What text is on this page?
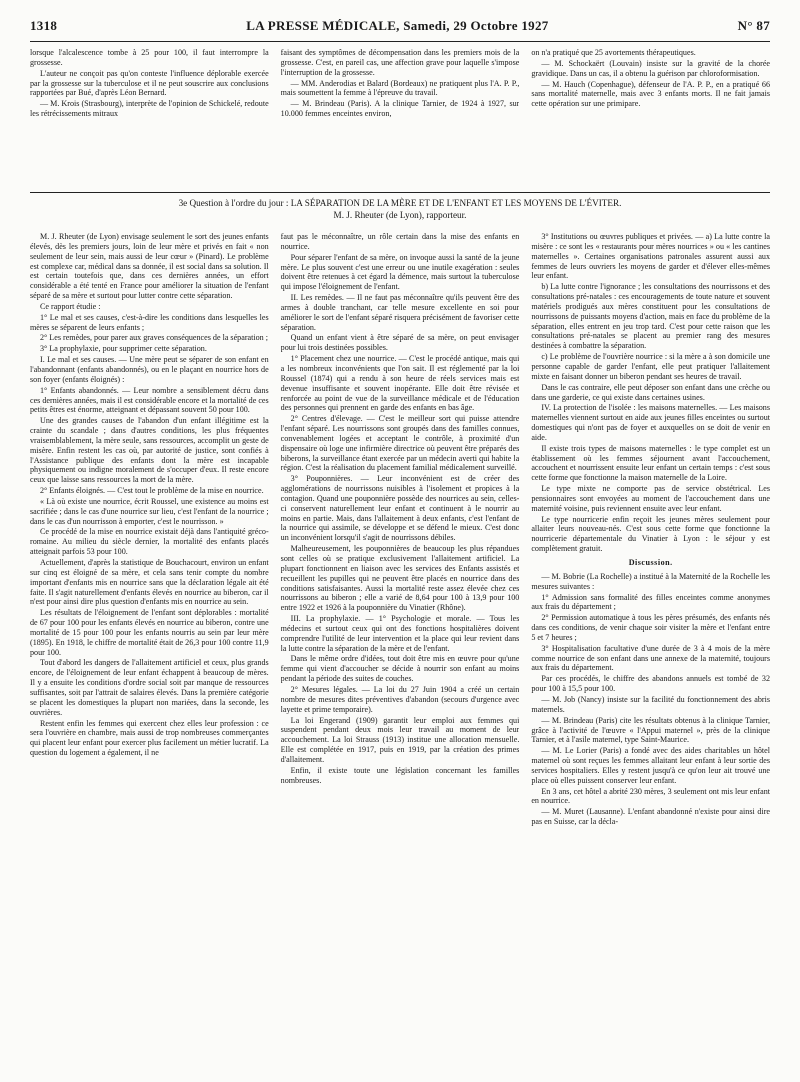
1318	LA PRESSE MÉDICALE, Samedi, 29 Octobre 1927	N° 87

lorsque l'alcalescence tombe à 25 pour 100, il faut interrompre la grossesse.

L'auteur ne conçoit pas qu'on conteste l'influence déplorable exercée par la grossesse sur la tuberculose et il ne peut souscrire aux conclusions rapportées par Bué, d'après Léon Bernard.

— M. Krois (Strasbourg), interprète de l'opinion de Schickelé, redoute les rétrécissements mitraux

faisant des symptômes de décompensation dans les premiers mois de la grossesse. C'est, en pareil cas, une affection grave pour laquelle s'impose l'interruption de la grossesse.

— MM. Anderodias et Balard (Bordeaux) ne pratiquent plus l'A. P. P., mais soumettent la femme à l'épreuve du travail.

— M. Brindeau (Paris). A la clinique Tarnier, de 1924 à 1927, sur 10.000 femmes enceintes environ,

on n'a pratiqué que 25 avortements thérapeutiques.

— M. Schockaërt (Louvain) insiste sur la gravité de la chorée gravidique. Dans un cas, il a obtenu la guérison par chloroformisation.

— M. Hauch (Copenhague), défenseur de l'A. P. P., en a pratiqué 66 sans mortalité maternelle, mais avec 3 enfants morts. Il ne fait jamais cette opération sur une primipare.

3e Question à l'ordre du jour : LA SÉPARATION DE LA MÈRE ET DE L'ENFANT ET LES MOYENS DE L'ÉVITER.
M. J. Rheuter (de Lyon), rapporteur.

M. J. Rheuter (de Lyon) envisage seulement le sort des jeunes enfants élevés, dès les premiers jours, loin de leur mère et privés en fait « non seulement de leur sein, mais aussi de leur cœur » (Pinard). Le problème est complexe car, médical dans sa donnée, il est social dans sa solution. Il est certain toutefois que, dans ces dernières années, un effort considérable a été tenté en France pour améliorer la situation de l'enfant séparé de sa mère et surtout pour lutter contre cette séparation.

Ce rapport étudie :

1° Le mal et ses causes, c'est-à-dire les conditions dans lesquelles les mères se séparent de leurs enfants ;

2° Les remèdes, pour parer aux graves conséquences de la séparation ;

3° La prophylaxie, pour supprimer cette séparation.

I. Le mal et ses causes. — Une mère peut se séparer de son enfant en l'abandonnant (enfants abandonnés), ou en le plaçant en nourrice hors de son foyer (enfants éloignés) :

1° Enfants abandonnés. — Leur nombre a sensiblement décru dans ces dernières années, mais il est considérable encore et la mortalité de ces petits êtres est énorme, atteignant et dépassant souvent 50 pour 100.

Une des grandes causes de l'abandon d'un enfant illégitime est la crainte du scandale ; dans d'autres conditions, les plus fréquentes vraisemblablement, la mère seule, sans ressources, accomplit un geste de misère. Enfin restent les cas où, par autorité de justice, sont confiés à l'Assistance publique des enfants dont la mère est incapable physiquement ou indigne moralement de s'occuper d'eux. Il reste encore ceux que laisse sans ressources la mort de la mère.

2° Enfants éloignés. — C'est tout le problème de la mise en nourrice.

« Là où existe une nourrice, écrit Roussel, une existence au moins est sacrifiée ; dans le cas d'une nourrice sur lieu, c'est l'enfant de la nourrice ; dans le cas d'un nourrisson à emporter, c'est le nourrisson. »

Ce procédé de la mise en nourrice existait déjà dans l'antiquité gréco-romaine. Au milieu du siècle dernier, la mortalité des enfants placés atteignait parfois 53 pour 100.

Actuellement, d'après la statistique de Bouchacourt, environ un enfant sur cinq est éloigné de sa mère, et cela sans tenir compte du nombre important d'enfants mis en nourrice sans que la déclaration légale ait été faite. Il s'agit naturellement d'enfants élevés en nourrice au biberon, car il n'est pour ainsi dire plus question d'enfants mis en nourrice au sein.

Les résultats de l'éloignement de l'enfant sont déplorables : mortalité de 67 pour 100 pour les enfants élevés en nourrice au biberon, contre une mortalité de 15 pour 100 pour les enfants nourris au sein par leur mère (1895). En 1918, le chiffre de mortalité était de 26,3 pour 100 contre 11,9 pour 100.

Tout d'abord les dangers de l'allaitement artificiel et ceux, plus grands encore, de l'éloignement de leur enfant échappent à beaucoup de mères. Il y a ensuite les conditions d'ordre social soit par manque de ressources suffisantes, soit par l'attrait de salaires élevés. Dans la première catégorie se placent les domestiques la plupart non mariées, dans la seconde, les ouvrières.

Restent enfin les femmes qui exercent chez elles leur profession : ce sera l'ouvrière en chambre, mais aussi de trop nombreuses commerçantes qui placent leur enfant pour exercer plus facilement un métier lucratif. La question du logement a également, il ne

faut pas le méconnaître, un rôle certain dans la mise des enfants en nourrice.

Pour séparer l'enfant de sa mère, on invoque aussi la santé de la jeune mère. Le plus souvent c'est une erreur ou une inutile exagération : seules doivent être retenues à cet égard la démence, mais surtout la tuberculose qui impose l'éloignement de l'enfant.

II. Les remèdes. — Il ne faut pas méconnaître qu'ils peuvent être des armes à double tranchant, car telle mesure excellente en soi pour améliorer le sort de l'enfant séparé risquera précisément de favoriser cette séparation.

Quand un enfant vient à être séparé de sa mère, on peut envisager pour lui trois destinées possibles.

1° Placement chez une nourrice. — C'est le procédé antique, mais qui a les nombreux inconvénients que l'on sait. Il est réglementé par la loi Roussel (1874) qui a rendu à son heure de réels services mais est devenue insuffisante et souvent inopérante. Elle doit être révisée et renforcée au point de vue de la surveillance médicale et de l'éducation des personnes qui prennent en garde des enfants en bas âge.

2° Centres d'élevage. — C'est le meilleur sort qui puisse attendre l'enfant séparé. Les nourrissons sont groupés dans des familles connues, convenablement logées et acceptant le contrôle, à proximité d'un dispensaire où loge une infirmière directrice où peuvent être préparés des biberons, la surveillance étant exercée par un médecin averti qui habite la région. C'est la réalisation du placement familial médicalement surveillé.

3° Pouponnières. — Leur inconvénient est de créer des agglomérations de nourrissons nuisibles à l'isolement et propices à la contagion. Quand une pouponnière possède des nourrices au sein, celles-ci conservent naturellement leur enfant et continuent à le nourrir au moins en partie. Mais, dans l'allaitement à deux enfants, c'est l'enfant de la nourrice qui assimile, se développe et se défend le mieux. C'est donc un inconvénient lorsqu'il s'agit de nourrissons débiles.

Malheureusement, les pouponnières de beaucoup les plus répandues sont celles où se pratique exclusivement l'allaitement artificiel. La plupart fonctionnent en liaison avec les services des Enfants assistés et recueillent les pupilles qui ne peuvent être placés en nourrice dans des conditions satisfaisantes. Aussi la mortalité reste assez élevée chez ces nourrissons au biberon ; elle a varié de 8,64 pour 100 à 13,9 pour 100 entre 1922 et 1926 à la pouponnière du Vinatier (Rhône).

III. La prophylaxie. — 1° Psychologie et morale. — Tous les médecins et surtout ceux qui ont des fonctions hospitalières doivent comprendre l'utilité de leur intervention et la place qui leur revient dans la lutte contre la séparation de la mère et de l'enfant.

Dans le même ordre d'idées, tout doit être mis en œuvre pour qu'une femme qui vient d'accoucher se décide à nourrir son enfant au moins pendant la période des suites de couches.

2° Mesures légales. — La loi du 27 Juin 1904 a créé un certain nombre de mesures dites préventives d'abandon (secours d'urgence avec layette et prime temporaire).

La loi Engerand (1909) garantit leur emploi aux femmes qui suspendent pendant deux mois leur travail au moment de leur accouchement. La loi Strauss (1913) institue une allocation mensuelle. Elle est complétée en 1917, puis en 1919, par la création des primes d'allaitement.

Enfin, il existe toute une législation concernant les familles nombreuses.

3° Institutions ou œuvres publiques et privées. — a) La lutte contre la misère : ce sont les « restaurants pour mères nourrices » ou « les cantines maternelles ». Certaines organisations patronales assurent aussi aux femmes de leurs ouvriers les moyens de garder et d'élever elles-mêmes leur enfant.

b) La lutte contre l'ignorance ; les consultations des nourrissons et des consultations pré-natales : ces encouragements de toute nature et souvent matériels prodigués aux mères constituent pour les consultations de nourrissons de puissants moyens d'action, mais en face du problème de la séparation, elles entrent en jeu trop tard. C'est pour cette raison que les consultations pré-natales se placent au premier rang des mesures destinées à combattre la séparation.

c) Le problème de l'ouvrière nourrice : si la mère a à son domicile une personne capable de garder l'enfant, elle peut pratiquer l'allaitement mixte en faisant donner un biberon pendant ses heures de travail.

Dans le cas contraire, elle peut déposer son enfant dans une crèche ou dans une garderie, ce qui existe dans certaines usines.

IV. La protection de l'isolée : les maisons maternelles. — Les maisons maternelles viennent surtout en aide aux jeunes filles enceintes ou surtout domestiques qui n'ont pas de foyer et auxquelles on se doit de venir en aide.

Il existe trois types de maisons maternelles : le type complet est un établissement où les femmes séjournent avant l'accouchement, accouchent et nourrissent ensuite leur enfant un certain temps : c'est sous cette forme que fonctionne la maison maternelle de la Loire.

Le type mixte ne comporte pas de service obstétrical. Les pensionnaires sont envoyées au moment de l'accouchement dans une maternité voisine, puis reviennent ensuite avec leur enfant.

Le type nourricerie enfin reçoit les jeunes mères seulement pour allaiter leurs nouveau-nés. C'est sous cette forme que fonctionne la nourricerie départementale du Vinatier à Lyon : le séjour y est complètement gratuit.

Discussion.

— M. Bobrie (La Rochelle) a institué à la Maternité de la Rochelle les mesures suivantes :

1° Admission sans formalité des filles enceintes comme anonymes aux frais du département ;

2° Permission automatique à tous les pères présumés, des enfants nés dans ces conditions, de venir chaque soir visiter la mère et l'enfant entre 5 et 7 heures ;

3° Hospitalisation facultative d'une durée de 3 à 4 mois de la mère comme nourrice de son enfant dans une annexe de la maternité, toujours aux frais du département.

Par ces procédés, le chiffre des abandons annuels est tombé de 32 pour 100 à 15,5 pour 100.

— M. Job (Nancy) insiste sur la facilité du fonctionnement des abris maternels.

— M. Brindeau (Paris) cite les résultats obtenus à la clinique Tarnier, grâce à l'activité de l'œuvre « l'Appui maternel », près de la clinique Tarnier, et à l'asile maternel, type Saint-Maurice.

— M. Le Lorier (Paris) a fondé avec des aides charitables un hôtel maternel où sont reçues les femmes allaitant leur enfant à leur sortie des services hospitaliers. Elles y restent jusqu'à ce qu'on leur ait trouvé une place où elles puissent conserver leur enfant.

En 3 ans, cet hôtel a abrité 230 mères, 3 seulement ont mis leur enfant en nourrice.

— M. Muret (Lausanne). L'enfant abandonné n'existe pour ainsi dire pas en Suisse, car la décla-
